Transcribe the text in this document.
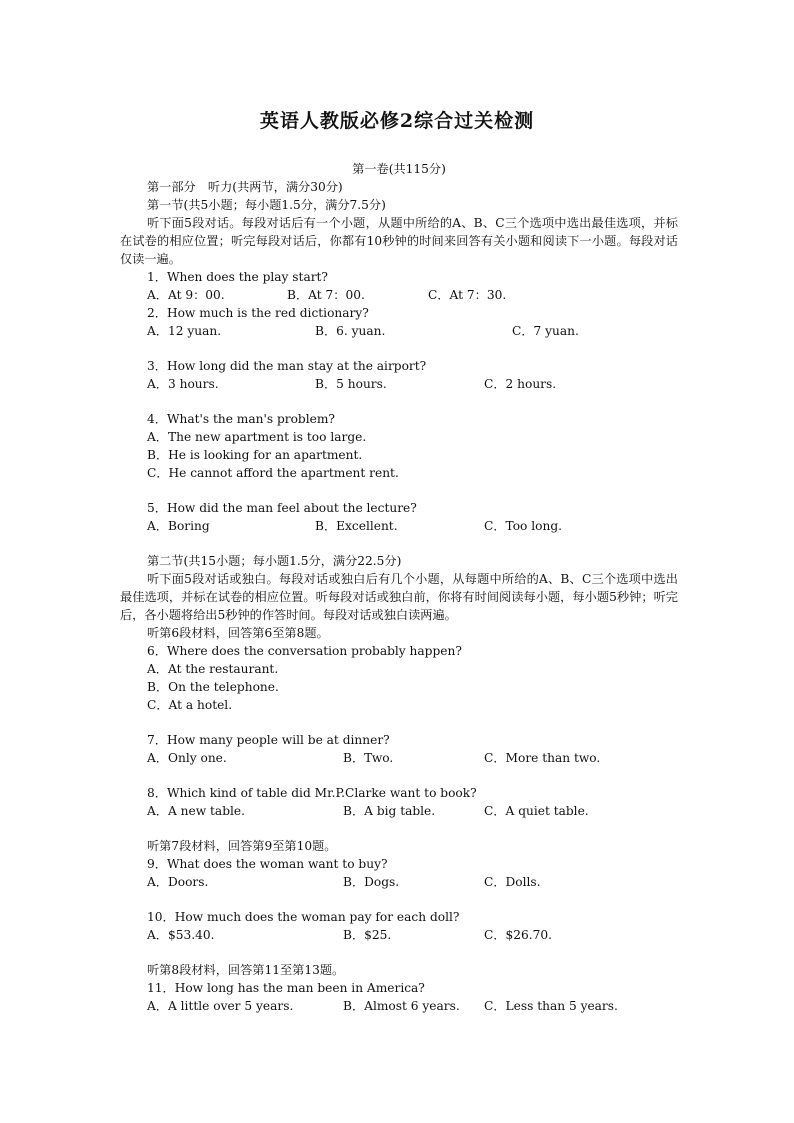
英语人教版必修2综合过关检测
第一卷(共115分)
第一部分　听力(共两节，满分30分)
第一节(共5小题；每小题1.5分，满分7.5分)
听下面5段对话。每段对话后有一个小题，从题中所给的A、B、C三个选项中选出最佳选项，并标在试卷的相应位置；听完每段对话后，你都有10秒钟的时间来回答有关小题和阅读下一小题。每段对话仅读一遍。
1．When does the play start?
A．At 9：00.	B．At 7：00.	C．At 7：30.
2．How much is the red dictionary?
A．12 yuan.	B．6. yuan.	C．7 yuan.
3．How long did the man stay at the airport?
A．3 hours.	B．5 hours.	C．2 hours.
4．What's the man's problem?
A．The new apartment is too large.
B．He is looking for an apartment.
C．He cannot afford the apartment rent.
5．How did the man feel about the lecture?
A．Boring	B．Excellent.	C．Too long.
第二节(共15小题；每小题1.5分，满分22.5分)
听下面5段对话或独白。每段对话或独白后有几个小题，从每题中所给的A、B、C三个选项中选出最佳选项，并标在试卷的相应位置。听每段对话或独白前，你将有时间阅读每小题，每小题5秒钟；听完后，各小题将给出5秒钟的作答时间。每段对话或独白读两遍。
听第6段材料，回答第6至第8题。
6．Where does the conversation probably happen?
A．At the restaurant.
B．On the telephone.
C．At a hotel.
7．How many people will be at dinner?
A．Only one.	B．Two.	C．More than two.
8．Which kind of table did Mr.P.Clarke want to book?
A．A new table.	B．A big table.	C．A quiet table.
听第7段材料，回答第9至第10题。
9．What does the woman want to buy?
A．Doors.	B．Dogs.	C．Dolls.
10．How much does the woman pay for each doll?
A．$53.40.	B．$25.	C．$26.70.
听第8段材料，回答第11至第13题。
11．How long has the man been in America?
A．A little over 5 years.	B．Almost 6 years. C．Less than 5 years.
